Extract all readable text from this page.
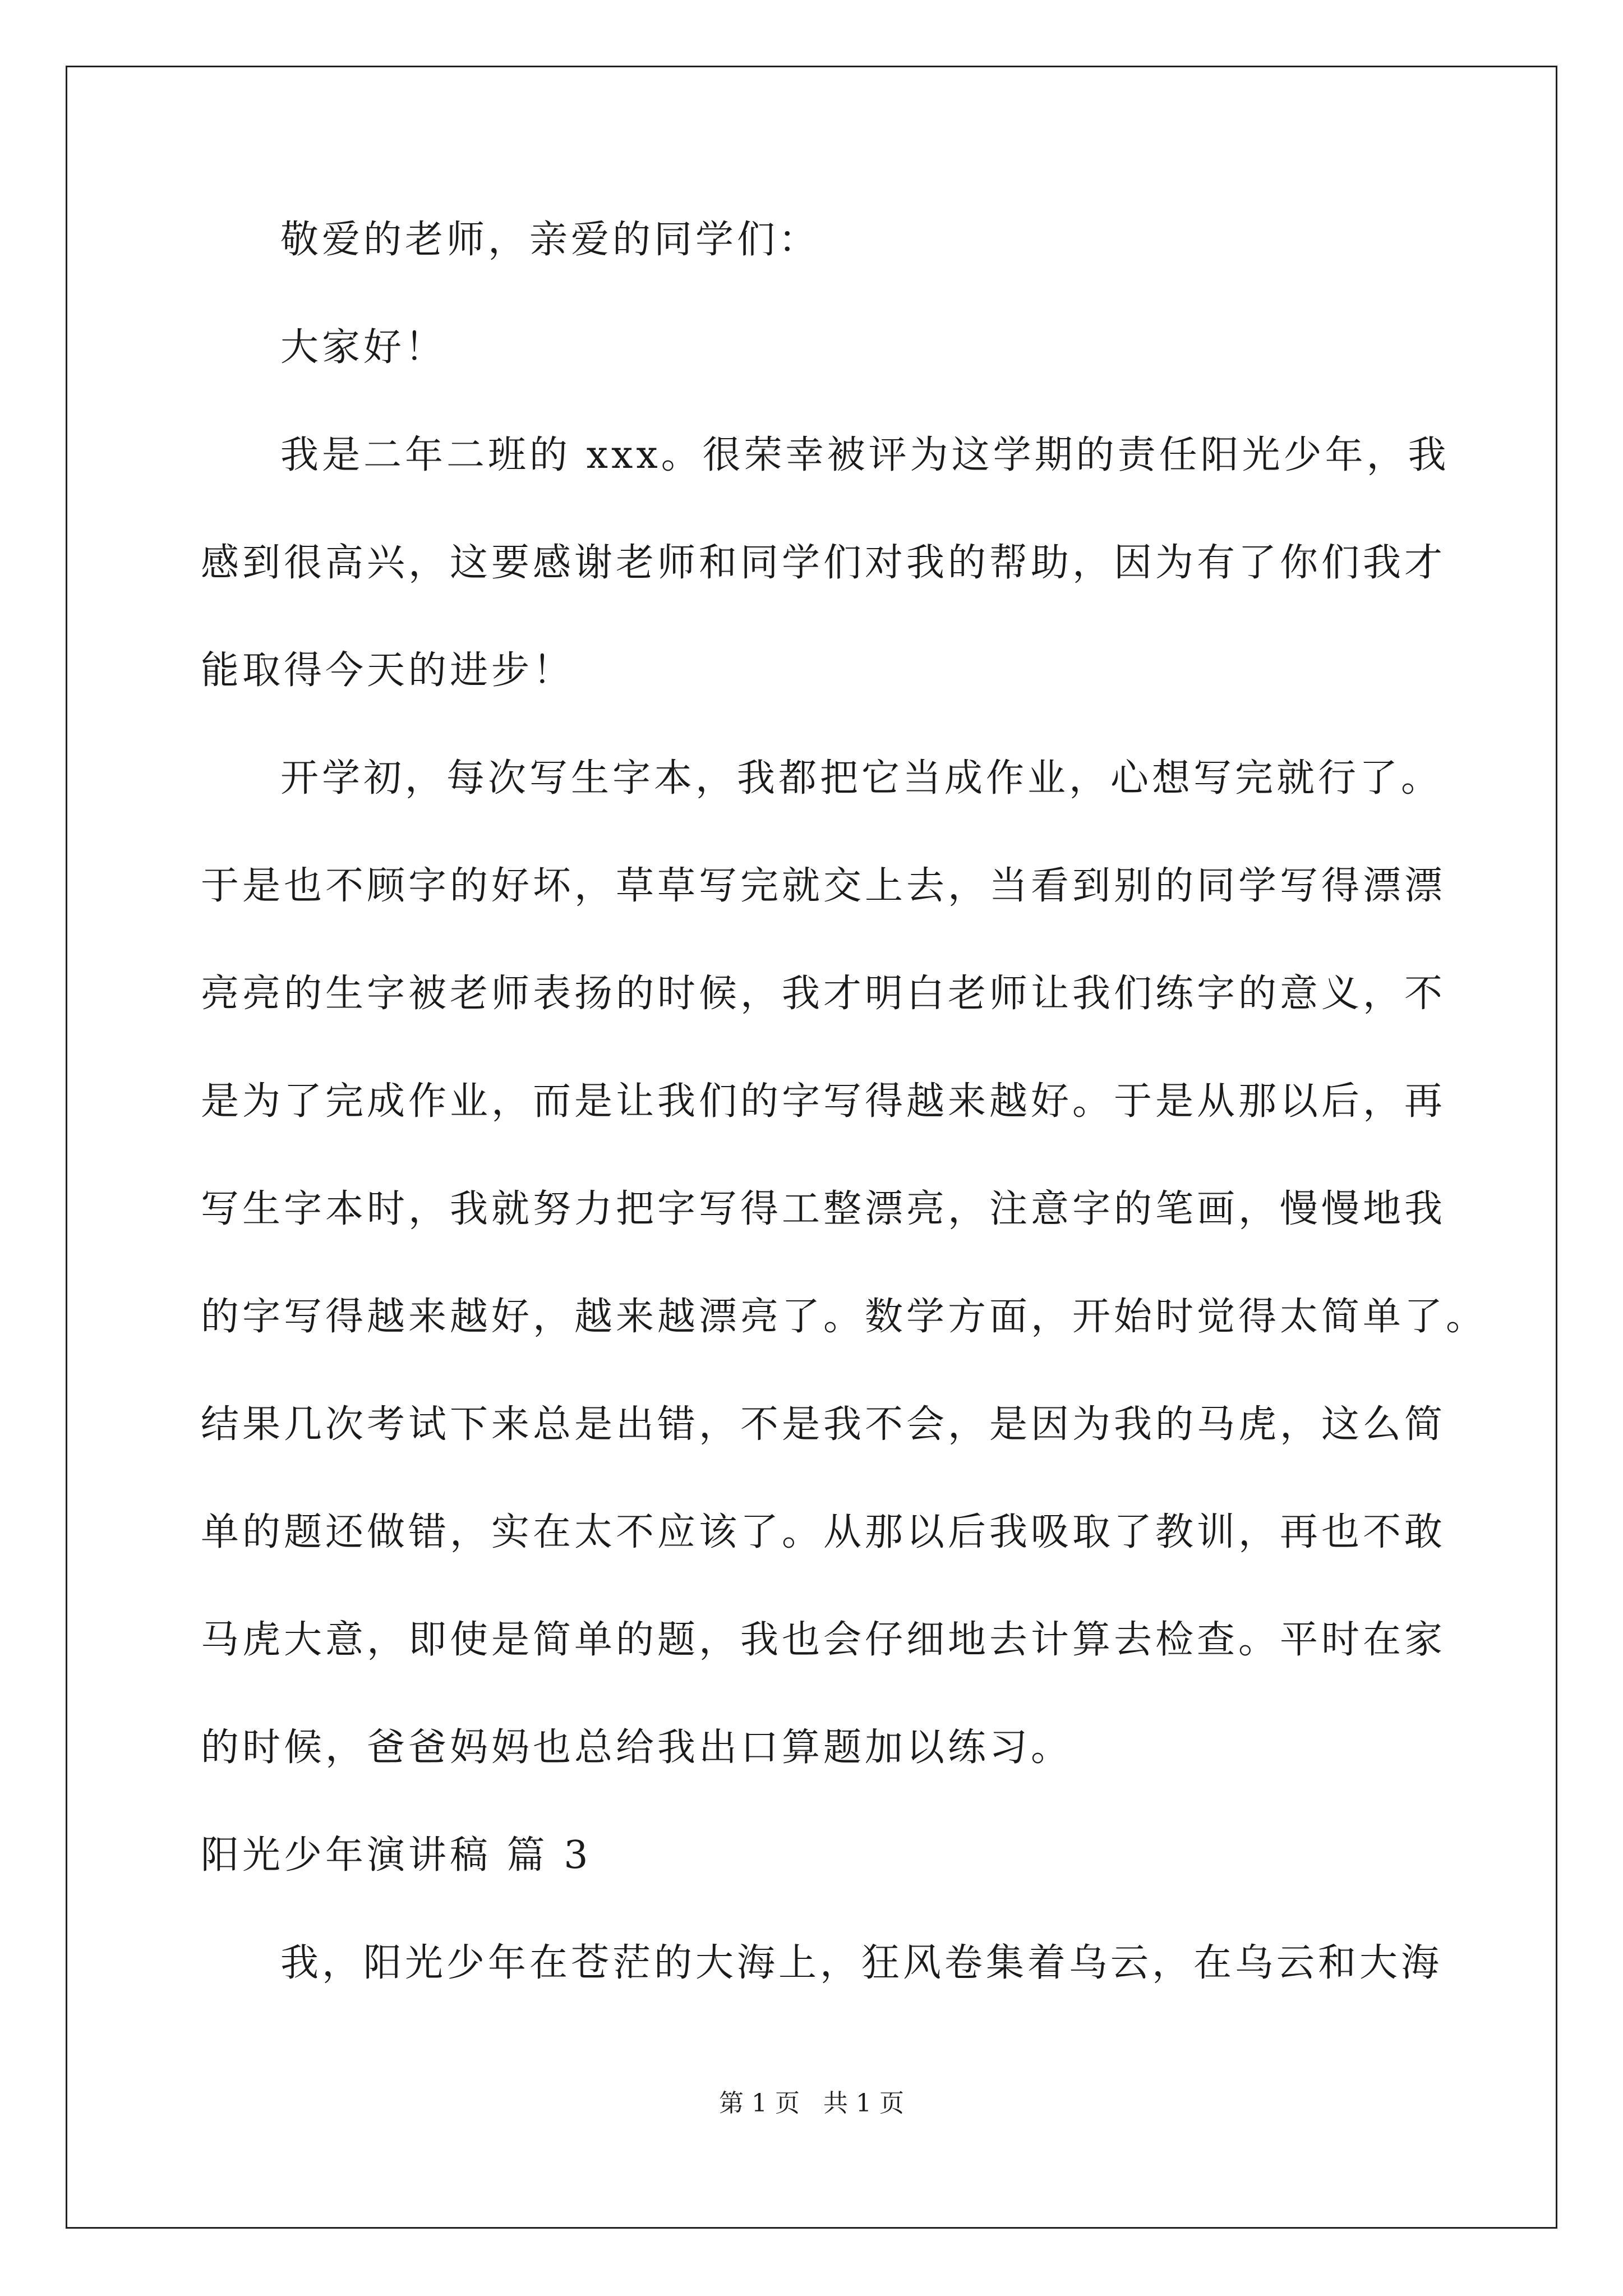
敬爱的老师，亲爱的同学们：
大家好！
我是二年二班的 xxx。很荣幸被评为这学期的责任阳光少年，我
感到很高兴，这要感谢老师和同学们对我的帮助，因为有了你们我才
能取得今天的进步！
开学初，每次写生字本，我都把它当成作业，心想写完就行了。
于是也不顾字的好坏，草草写完就交上去，当看到别的同学写得漂漂
亮亮的生字被老师表扬的时候，我才明白老师让我们练字的意义，不
是为了完成作业，而是让我们的字写得越来越好。于是从那以后，再
写生字本时，我就努力把字写得工整漂亮，注意字的笔画，慢慢地我
的字写得越来越好，越来越漂亮了。数学方面，开始时觉得太简单了。
结果几次考试下来总是出错，不是我不会，是因为我的马虎，这么简
单的题还做错，实在太不应该了。从那以后我吸取了教训，再也不敢
马虎大意，即使是简单的题，我也会仔细地去计算去检查。平时在家
的时候，爸爸妈妈也总给我出口算题加以练习。
阳光少年演讲稿 篇 3
我，阳光少年在苍茫的大海上，狂风卷集着乌云，在乌云和大海
第 1 页 共 1 页
